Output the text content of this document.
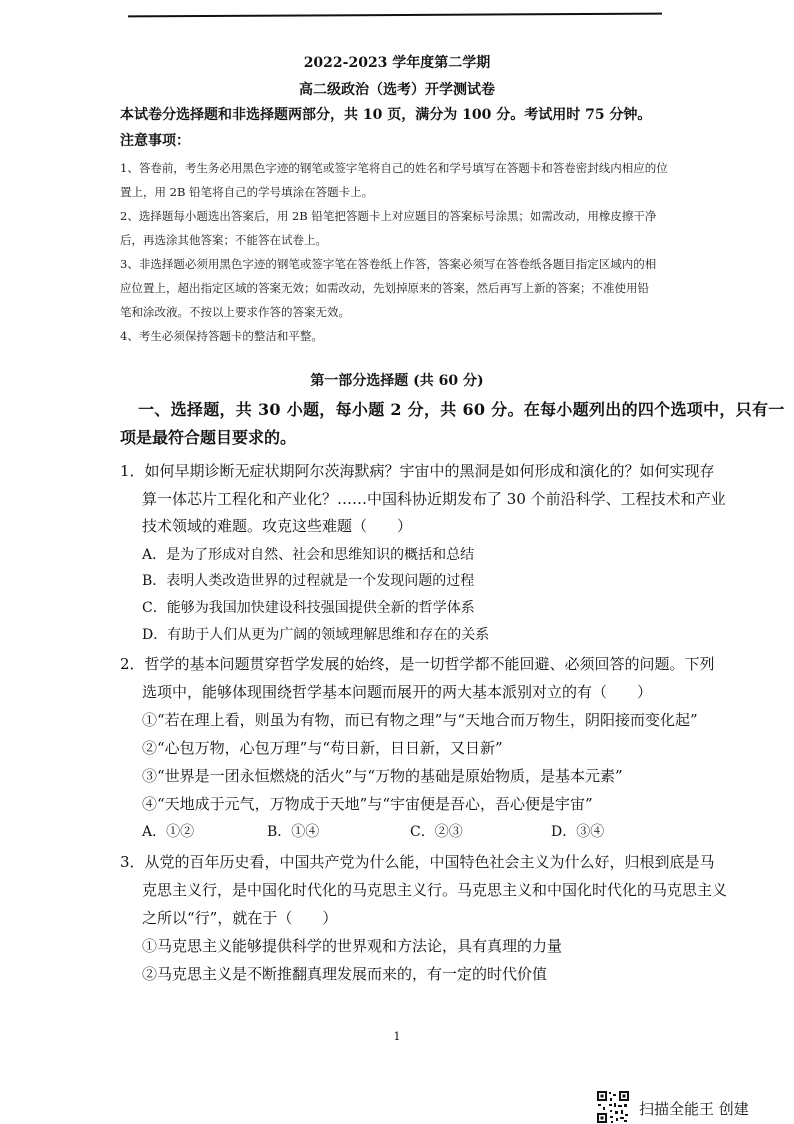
2022-2023 学年度第二学期
高二级政治（选考）开学测试卷
本试卷分选择题和非选择题两部分，共 10 页，满分为 100 分。考试用时 75 分钟。
注意事项：
1、答卷前，考生务必用黑色字迹的钢笔或签字笔将自己的姓名和学号填写在答题卡和答卷密封线内相应的位
置上，用 2B 铅笔将自己的学号填涂在答题卡上。
2、选择题每小题选出答案后，用 2B 铅笔把答题卡上对应题目的答案标号涂黑；如需改动，用橡皮擦干净
后，再选涂其他答案；不能答在试卷上。
3、非选择题必须用黑色字迹的钢笔或签字笔在答卷纸上作答，答案必须写在答卷纸各题目指定区域内的相
应位置上，超出指定区域的答案无效；如需改动，先划掉原来的答案，然后再写上新的答案；不准使用铅
笔和涂改液。不按以上要求作答的答案无效。
4、考生必须保持答题卡的整洁和平整。
第一部分选择题 (共 60 分)
一、选择题，共 30 小题，每小题 2 分，共 60 分。在每小题列出的四个选项中，只有一
项是最符合题目要求的。
1．如何早期诊断无症状期阿尔茨海默病？宇宙中的黑洞是如何形成和演化的？如何实现存
算一体芯片工程化和产业化？……中国科协近期发布了 30 个前沿科学、工程技术和产业
技术领域的难题。攻克这些难题（　　）
A．是为了形成对自然、社会和思维知识的概括和总结
B．表明人类改造世界的过程就是一个发现问题的过程
C．能够为我国加快建设科技强国提供全新的哲学体系
D．有助于人们从更为广阔的领域理解思维和存在的关系
2．哲学的基本问题贯穿哲学发展的始终，是一切哲学都不能回避、必须回答的问题。下列
选项中，能够体现围绕哲学基本问题而展开的两大基本派别对立的有（　　）
①“若在理上看，则虽为有物，而已有物之理”与“天地合而万物生，阴阳接而变化起”
②“心包万物，心包万理”与“苟日新，日日新，又日新”
③“世界是一团永恒燃烧的活火”与“万物的基础是原始物质，是基本元素”
④“天地成于元气，万物成于天地”与“宇宙便是吾心，吾心便是宇宙”
A．①②	B．①④	C．②③	D．③④
3．从党的百年历史看，中国共产党为什么能，中国特色社会主义为什么好，归根到底是马
克思主义行，是中国化时代化的马克思主义行。马克思主义和中国化时代化的马克思主义
之所以“行”，就在于（　　）
①马克思主义能够提供科学的世界观和方法论，具有真理的力量
②马克思主义是不断推翻真理发展而来的，有一定的时代价值
1
扫描全能王 创建
